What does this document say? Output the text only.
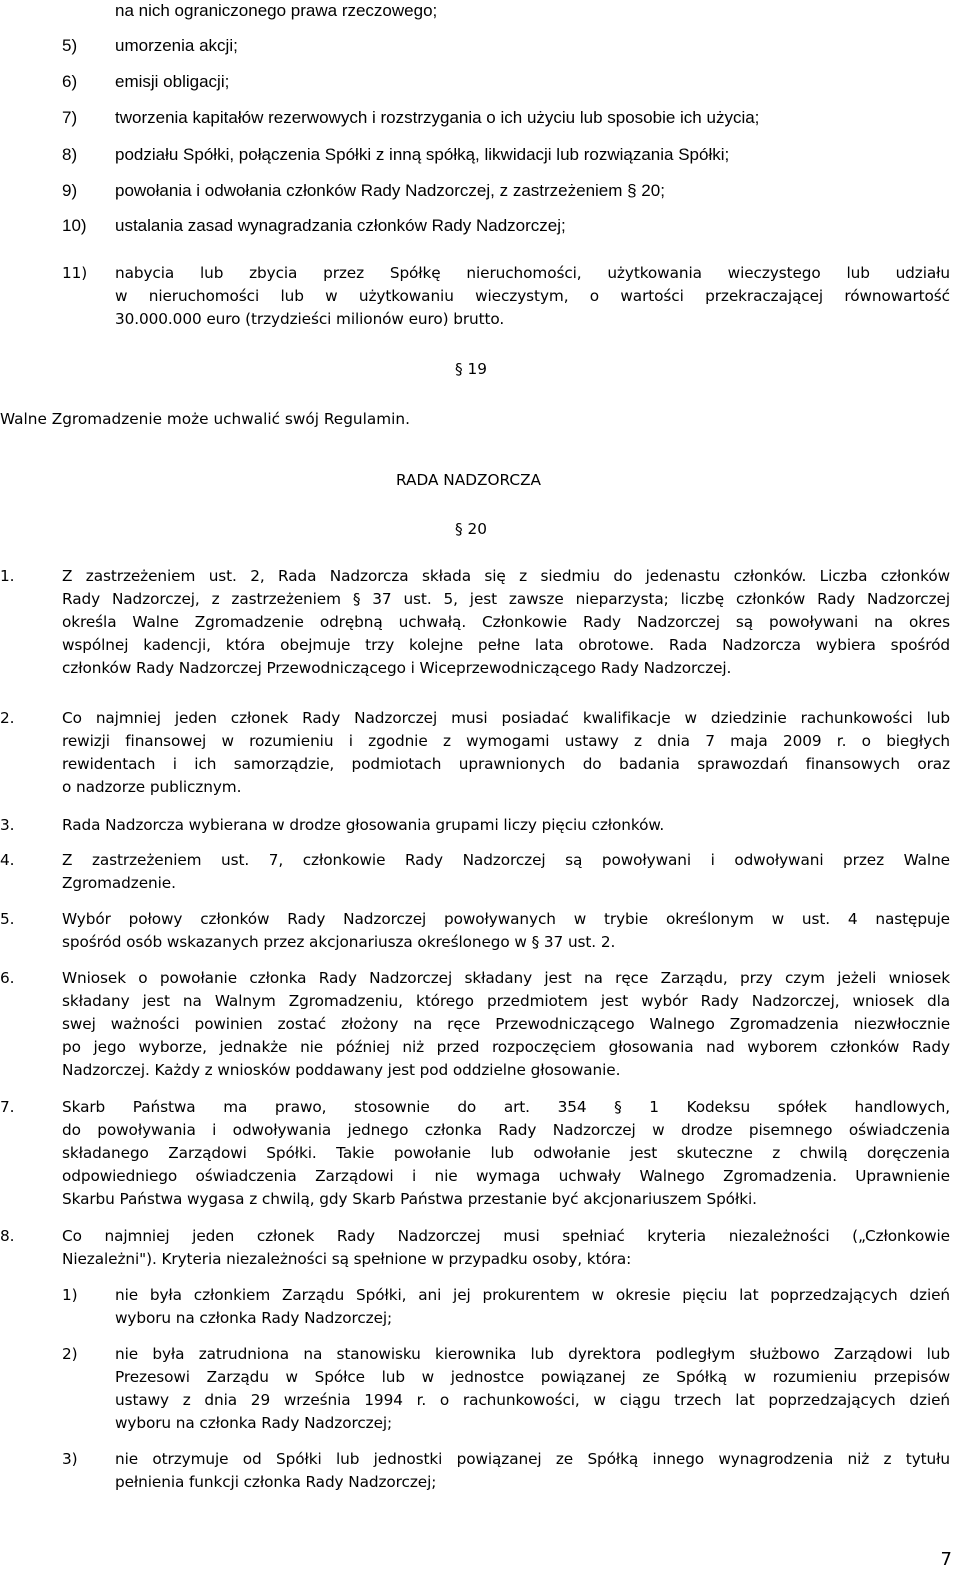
na nich ograniczonego prawa rzeczowego;
5) umorzenia akcji;
6) emisji obligacji;
7) tworzenia kapitałów rezerwowych i rozstrzygania o ich użyciu lub sposobie ich użycia;
8) podziału Spółki, połączenia Spółki z inną spółką, likwidacji lub rozwiązania Spółki;
9) powołania i odwołania członków Rady Nadzorczej, z zastrzeżeniem § 20;
10) ustalania zasad wynagradzania członków Rady Nadzorczej;
11) nabycia lub zbycia przez Spółkę nieruchomości, użytkowania wieczystego lub udziału
w nieruchomości lub w użytkowaniu wieczystym, o wartości przekraczającej równowartość
30.000.000 euro (trzydzieści milionów euro) brutto.
§ 19
Walne Zgromadzenie może uchwalić swój Regulamin.
RADA NADZORCZA
§ 20
1.	Z zastrzeżeniem ust. 2, Rada Nadzorcza składa się z siedmiu do jedenastu członków. Liczba członków
Rady Nadzorczej, z zastrzeżeniem § 37 ust. 5, jest zawsze nieparzysta; liczbę członków Rady Nadzorczej
określa Walne Zgromadzenie odrębną uchwałą. Członkowie Rady Nadzorczej są powoływani na okres
wspólnej kadencji, która obejmuje trzy kolejne pełne lata obrotowe. Rada Nadzorcza wybiera spośród
członków Rady Nadzorczej Przewodniczącego i Wiceprzewodniczącego Rady Nadzorczej.
2.	Co najmniej jeden członek Rady Nadzorczej musi posiadać kwalifikacje w dziedzinie rachunkowości lub
rewizji finansowej w rozumieniu i zgodnie z wymogami ustawy z dnia 7 maja 2009 r. o biegłych
rewidentach i ich samorządzie, podmiotach uprawnionych do badania sprawozdań finansowych oraz
o nadzorze publicznym.
3.	Rada Nadzorcza wybierana w drodze głosowania grupami liczy pięciu członków.
4.	Z zastrzeżeniem ust. 7, członkowie Rady Nadzorczej są powoływani i odwoływani przez Walne
Zgromadzenie.
5.	Wybór połowy członków Rady Nadzorczej powoływanych w trybie określonym w ust. 4 następuje
spośród osób wskazanych przez akcjonariusza określonego w § 37 ust. 2.
6.	Wniosek o powołanie członka Rady Nadzorczej składany jest na ręce Zarządu, przy czym jeżeli wniosek
składany jest na Walnym Zgromadzeniu, którego przedmiotem jest wybór Rady Nadzorczej, wniosek dla
swej ważności powinien zostać złożony na ręce Przewodniczącego Walnego Zgromadzenia niezwłocznie
po jego wyborze, jednakże nie później niż przed rozpoczęciem głosowania nad wyborem członków Rady
Nadzorczej. Każdy z wniosków poddawany jest pod oddzielne głosowanie.
7.	Skarb Państwa ma prawo, stosownie do art. 354 § 1 Kodeksu spółek handlowych,
do powoływania i odwoływania jednego członka Rady Nadzorczej w drodze pisemnego oświadczenia
składanego Zarządowi Spółki. Takie powołanie lub odwołanie jest skuteczne z chwilą doręczenia
odpowiedniego oświadczenia Zarządowi i nie wymaga uchwały Walnego Zgromadzenia. Uprawnienie
Skarbu Państwa wygasa z chwilą, gdy Skarb Państwa przestanie być akcjonariuszem Spółki.
8.	Co najmniej jeden członek Rady Nadzorczej musi spełniać kryteria niezależności („Członkowie
Niezależni"). Kryteria niezależności są spełnione w przypadku osoby, która:
1) nie była członkiem Zarządu Spółki, ani jej prokurentem w okresie pięciu lat poprzedzających dzień
wyboru na członka Rady Nadzorczej;
2) nie była zatrudniona na stanowisku kierownika lub dyrektora podległym służbowo Zarządowi lub
Prezesowi Zarządu w Spółce lub w jednostce powiązanej ze Spółką w rozumieniu przepisów
ustawy z dnia 29 września 1994 r. o rachunkowości, w ciągu trzech lat poprzedzających dzień
wyboru na członka Rady Nadzorczej;
3) nie otrzymuje od Spółki lub jednostki powiązanej ze Spółką innego wynagrodzenia niż z tytułu
pełnienia funkcji członka Rady Nadzorczej;
7
